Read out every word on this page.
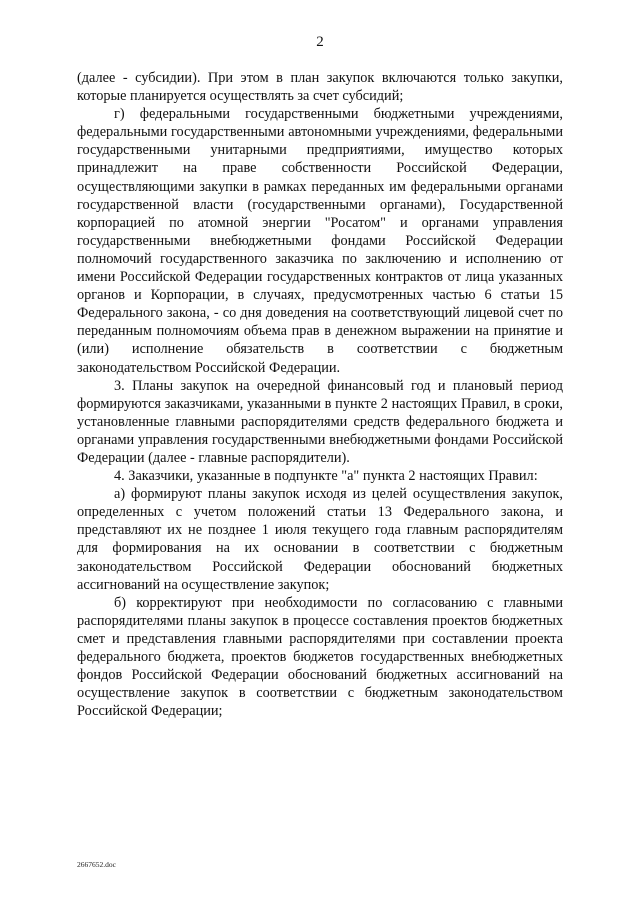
2

(далее - субсидии). При этом в план закупок включаются только закупки, которые планируется осуществлять за счет субсидий;

г) федеральными государственными бюджетными учреждениями, федеральными государственными автономными учреждениями, федеральными государственными унитарными предприятиями, имущество которых принадлежит на праве собственности Российской Федерации, осуществляющими закупки в рамках переданных им федеральными органами государственной власти (государственными органами), Государственной корпорацией по атомной энергии "Росатом" и органами управления государственными внебюджетными фондами Российской Федерации полномочий государственного заказчика по заключению и исполнению от имени Российской Федерации государственных контрактов от лица указанных органов и Корпорации, в случаях, предусмотренных частью 6 статьи 15 Федерального закона, - со дня доведения на соответствующий лицевой счет по переданным полномочиям объема прав в денежном выражении на принятие и (или) исполнение обязательств в соответствии с бюджетным законодательством Российской Федерации.

3. Планы закупок на очередной финансовый год и плановый период формируются заказчиками, указанными в пункте 2 настоящих Правил, в сроки, установленные главными распорядителями средств федерального бюджета и органами управления государственными внебюджетными фондами Российской Федерации (далее - главные распорядители).

4. Заказчики, указанные в подпункте "а" пункта 2 настоящих Правил:

а) формируют планы закупок исходя из целей осуществления закупок, определенных с учетом положений статьи 13 Федерального закона, и представляют их не позднее 1 июля текущего года главным распорядителям для формирования на их основании в соответствии с бюджетным законодательством Российской Федерации обоснований бюджетных ассигнований на осуществление закупок;

б) корректируют при необходимости по согласованию с главными распорядителями планы закупок в процессе составления проектов бюджетных смет и представления главными распорядителями при составлении проекта федерального бюджета, проектов бюджетов государственных внебюджетных фондов Российской Федерации обоснований бюджетных ассигнований на осуществление закупок в соответствии с бюджетным законодательством Российской Федерации;

2667652.doc
